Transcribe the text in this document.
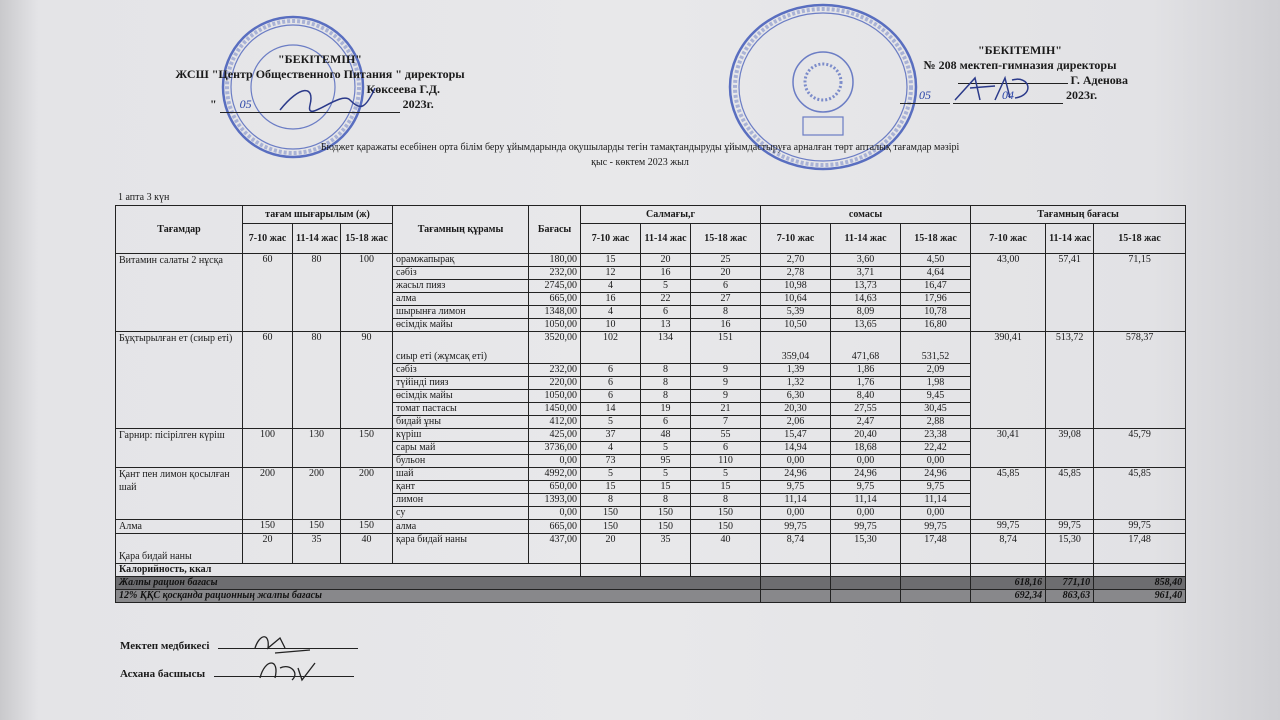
"БЕКІТЕМІН"
ЖСШ "Центр Общественного Питания " директоры
Көксеева Г.Д.
" 05	2023г.
"БЕКІТЕМІН"
№ 208 мектеп-гимназия директоры
Г. Аденова
05	04	2023г.
Бюджет қаражаты есебінен орта білім беру ұйымдарында оқушыларды тегін тамақтандыруды ұйымдастыруға арналған төрт апталық тағамдар мәзірі
қыс - көктем 2023 жыл
1 апта 3 күн
Тағамдар	тағам шығарылым (ж)			Тағамның құрамы	Бағасы	Салмағы,г			сомасы			Тағамның бағасы		
	7-10 жас	11-14 жас	15-18 жас			7-10 жас	11-14 жас	15-18 жас	7-10 жас	11-14 жас	15-18 жас	7-10 жас	11-14 жас	15-18 жас
Витамин салаты 2 нұсқа	60	80	100	орамжапырақ	180,00	15	20	25	2,70	3,60	4,50	43,00	57,41	71,15
				сәбіз	232,00	12	16	20	2,78	3,71	4,64			
				жасыл пияз	2745,00	4	5	6	10,98	13,73	16,47			
				алма	665,00	16	22	27	10,64	14,63	17,96			
				шырынға лимон	1348,00	4	6	8	5,39	8,09	10,78			
				өсімдік майы	1050,00	10	13	16	10,50	13,65	16,80			
Бұқтырылған ет (сиыр еті)	60	80	90	сиыр еті (жұмсақ еті)	3520,00	102	134	151	359,04	471,68	531,52	390,41	513,72	578,37
				сәбіз	232,00	6	8	9	1,39	1,86	2,09			
				түйінді пияз	220,00	6	8	9	1,32	1,76	1,98			
				өсімдік майы	1050,00	6	8	9	6,30	8,40	9,45			
				томат пастасы	1450,00	14	19	21	20,30	27,55	30,45			
				бидай ұны	412,00	5	6	7	2,06	2,47	2,88			
Гарнир: пісірілген күріш	100	130	150	күріш	425,00	37	48	55	15,47	20,40	23,38	30,41	39,08	45,79
				сары май	3736,00	4	5	6	14,94	18,68	22,42			
				бульон	0,00	73	95	110	0,00	0,00	0,00			
Қант пен лимон қосылған шай	200	200	200	шай	4992,00	5	5	5	24,96	24,96	24,96	45,85	45,85	45,85
				қант	650,00	15	15	15	9,75	9,75	9,75			
				лимон	1393,00	8	8	8	11,14	11,14	11,14			
				су	0,00	150	150	150	0,00	0,00	0,00			
Алма	150	150	150	алма	665,00	150	150	150	99,75	99,75	99,75	99,75	99,75	99,75
Қара бидай наны	20	35	40	қара бидай наны	437,00	20	35	40	8,74	15,30	17,48	8,74	15,30	17,48
Калорийность, ккал														
Жалпы рацион бағасы												618,16	771,10	858,40
12% ҚҚС қосқанда рационның жалпы бағасы												692,34	863,63	961,40
Мектеп медбикесі
Асхана басшысы
